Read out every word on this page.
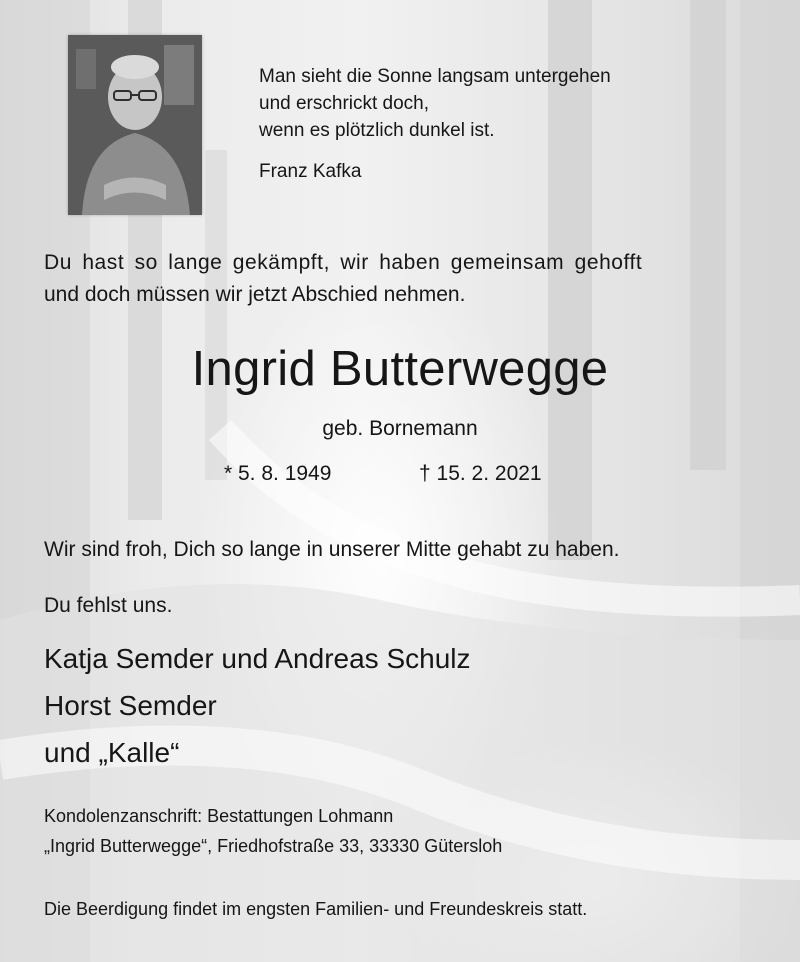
Man sieht die Sonne langsam untergehen
und erschrickt doch,
wenn es plötzlich dunkel ist.
Franz Kafka
Du hast so lange gekämpft, wir haben gemeinsam gehofft
und doch müssen wir jetzt Abschied nehmen.
Ingrid Butterwegge
geb. Bornemann
* 5. 8. 1949	† 15. 2. 2021
Wir sind froh, Dich so lange in unserer Mitte gehabt zu haben.
Du fehlst uns.
Katja Semder und Andreas Schulz
Horst Semder
und „Kalle“
Kondolenzanschrift: Bestattungen Lohmann
„Ingrid Butterwegge“, Friedhofstraße 33, 33330 Gütersloh
Die Beerdigung findet im engsten Familien- und Freundeskreis statt.
